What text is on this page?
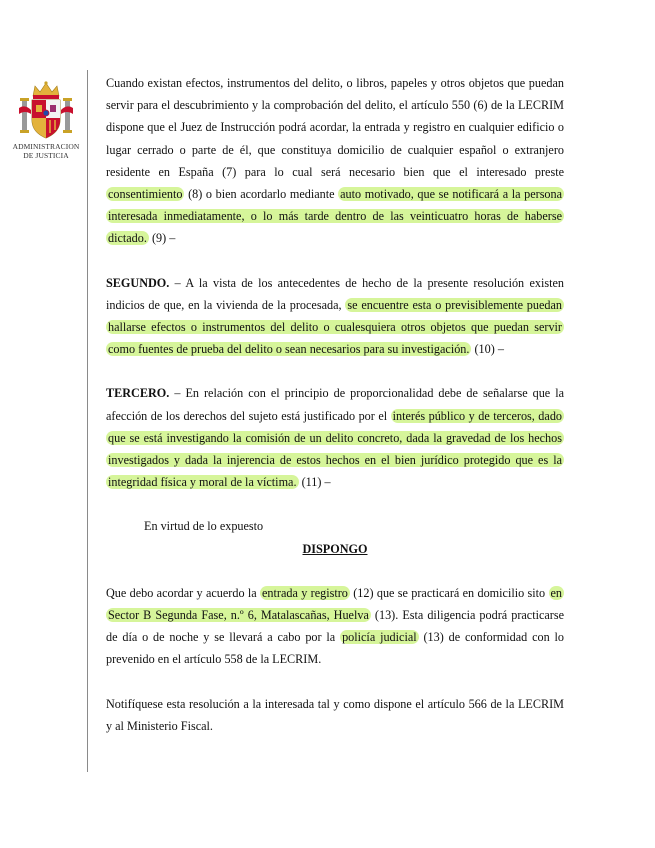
ADMINISTRACION
DE JUSTICIA

Cuando existan efectos, instrumentos del delito, o libros, papeles y otros objetos que puedan servir para el descubrimiento y la comprobación del delito, el artículo 550 (6) de la LECRIM dispone que el Juez de Instrucción podrá acordar, la entrada y registro en cualquier edificio o lugar cerrado o parte de él, que constituya domicilio de cualquier español o extranjero residente en España (7) para lo cual será necesario bien que el interesado preste consentimiento (8) o bien acordarlo mediante auto motivado, que se notificará a la persona interesada inmediatamente, o lo más tarde dentro de las veinticuatro horas de haberse dictado. (9) –

SEGUNDO. – A la vista de los antecedentes de hecho de la presente resolución existen indicios de que, en la vivienda de la procesada, se encuentre esta o previsiblemente puedan hallarse efectos o instrumentos del delito o cualesquiera otros objetos que puedan servir como fuentes de prueba del delito o sean necesarios para su investigación. (10) –

TERCERO. – En relación con el principio de proporcionalidad debe de señalarse que la afección de los derechos del sujeto está justificado por el interés público y de terceros, dado que se está investigando la comisión de un delito concreto, dada la gravedad de los hechos investigados y dada la injerencia de estos hechos en el bien jurídico protegido que es la integridad física y moral de la víctima. (11) –

En virtud de lo expuesto

DISPONGO

Que debo acordar y acuerdo la entrada y registro (12) que se practicará en domicilio sito en Sector B Segunda Fase, n.º 6, Matalascañas, Huelva (13). Esta diligencia podrá practicarse de día o de noche y se llevará a cabo por la policía judicial (13) de conformidad con lo prevenido en el artículo 558 de la LECRIM.

Notifíquese esta resolución a la interesada tal y como dispone el artículo 566 de la LECRIM y al Ministerio Fiscal.
